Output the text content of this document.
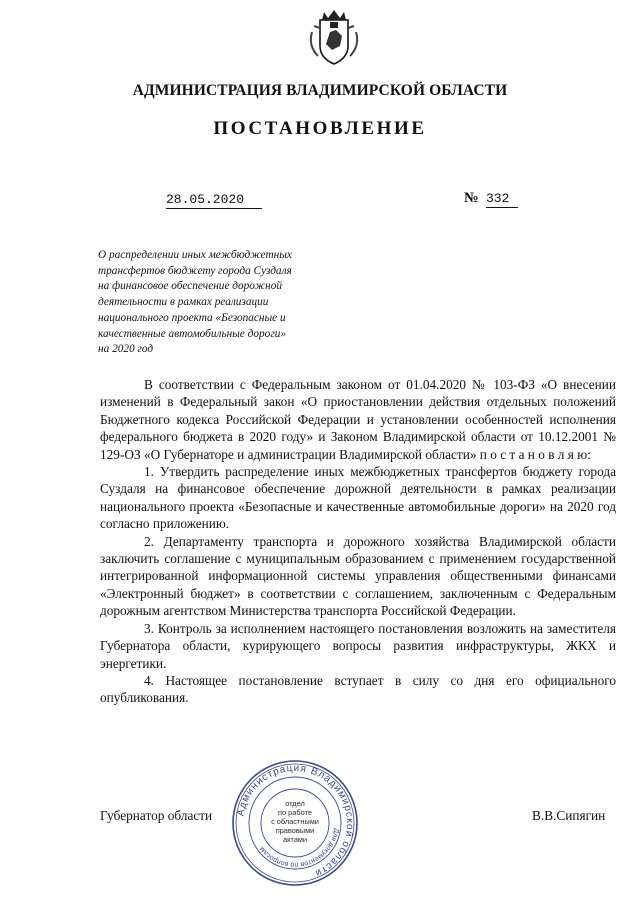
АДМИНИСТРАЦИЯ ВЛАДИМИРСКОЙ ОБЛАСТИ
ПОСТАНОВЛЕНИЕ
28.05.2020	№ 332
О распределении иных межбюджетных
трансфертов бюджету города Суздаля
на финансовое обеспечение дорожной
деятельности в рамках реализации
национального проекта «Безопасные и
качественные автомобильные дороги»
на 2020 год

В соответствии с Федеральным законом от 01.04.2020 № 103-ФЗ «О внесении изменений в Федеральный закон «О приостановлении действия отдельных положений Бюджетного кодекса Российской Федерации и установлении особенностей исполнения федерального бюджета в 2020 году» и Законом Владимирской области от 10.12.2001 № 129-ОЗ «О Губернаторе и администрации Владимирской области» п о с т а н о в л я ю:

1. Утвердить распределение иных межбюджетных трансфертов бюджету города Суздаля на финансовое обеспечение дорожной деятельности в рамках реализации национального проекта «Безопасные и качественные автомобильные дороги» на 2020 год согласно приложению.

2. Департаменту транспорта и дорожного хозяйства Владимирской области заключить соглашение с муниципальным образованием с применением государственной интегрированной информационной системы управления общественными финансами «Электронный бюджет» в соответствии с соглашением, заключенным с Федеральным дорожным агентством Министерства транспорта Российской Федерации.

3. Контроль за исполнением настоящего постановления возложить на заместителя Губернатора области, курирующего вопросы развития инфраструктуры, ЖКХ и энергетики.

4. Настоящее постановление вступает в силу со дня его официального опубликования.

Губернатор области	В.В.Сипягин
Администрация Владимирской области
Для документов по вопросам
отдел
по работе
с областными
правовыми
актами
